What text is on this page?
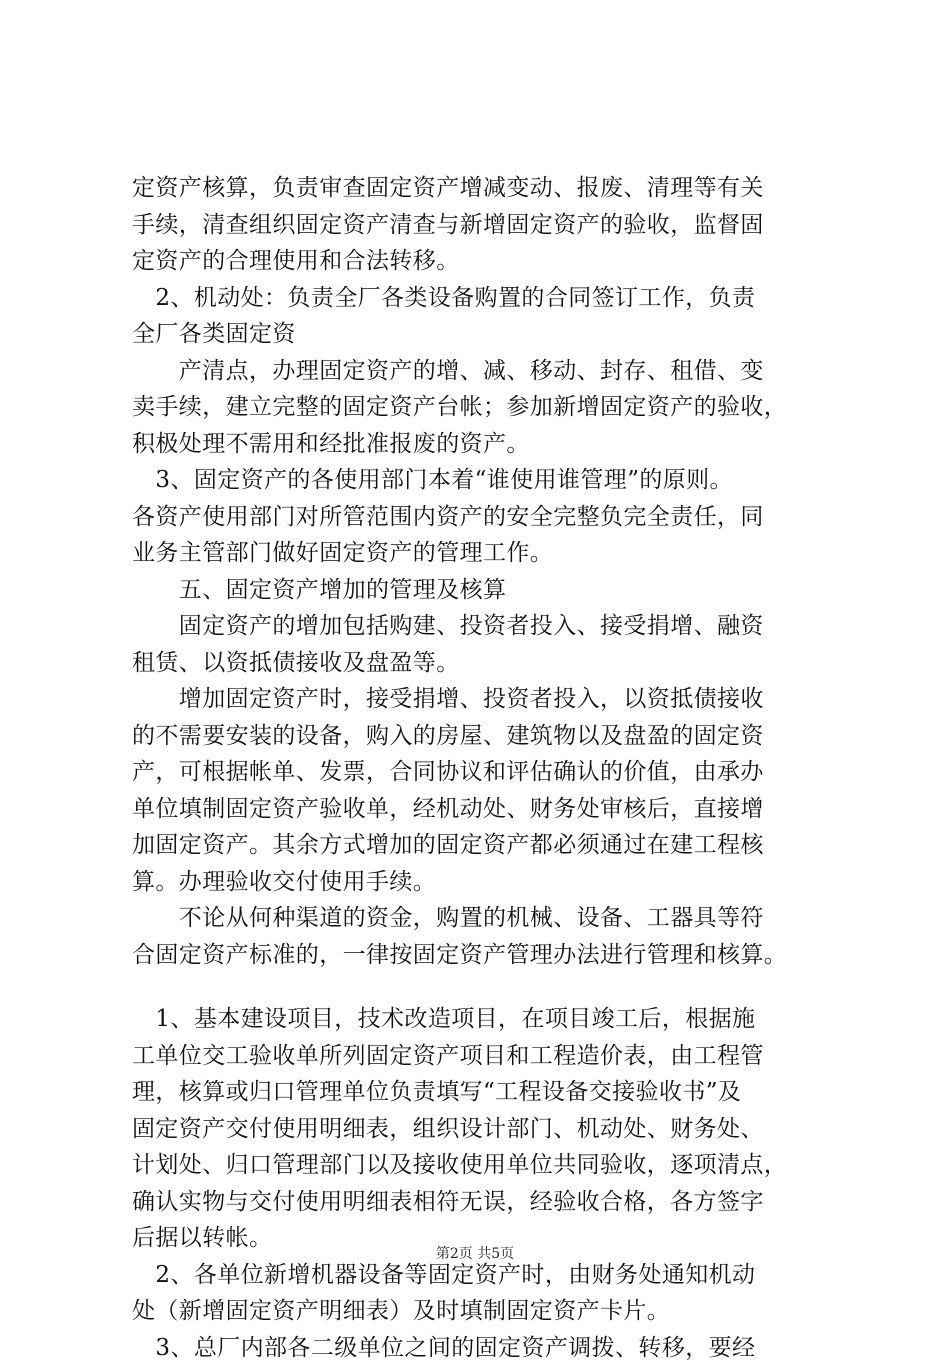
定资产核算，负责审查固定资产增减变动、报废、清理等有关
手续，清查组织固定资产清查与新增固定资产的验收，监督固
定资产的合理使用和合法转移。
　2、机动处：负责全厂各类设备购置的合同签订工作，负责
全厂各类固定资
　　产清点，办理固定资产的增、减、移动、封存、租借、变
卖手续，建立完整的固定资产台帐；参加新增固定资产的验收，
积极处理不需用和经批准报废的资产。
　3、固定资产的各使用部门本着“谁使用谁管理”的原则。
各资产使用部门对所管范围内资产的安全完整负完全责任，同
业务主管部门做好固定资产的管理工作。
　　五、固定资产增加的管理及核算
　　固定资产的增加包括购建、投资者投入、接受捐增、融资
租赁、以资抵债接收及盘盈等。
　　增加固定资产时，接受捐增、投资者投入，以资抵债接收
的不需要安装的设备，购入的房屋、建筑物以及盘盈的固定资
产，可根据帐单、发票，合同协议和评估确认的价值，由承办
单位填制固定资产验收单，经机动处、财务处审核后，直接增
加固定资产。其余方式增加的固定资产都必须通过在建工程核
算。办理验收交付使用手续。
　　不论从何种渠道的资金，购置的机械、设备、工器具等符
合固定资产标准的，一律按固定资产管理办法进行管理和核算。
　1、基本建设项目，技术改造项目，在项目竣工后，根据施
工单位交工验收单所列固定资产项目和工程造价表，由工程管
理，核算或归口管理单位负责填写“工程设备交接验收书”及
固定资产交付使用明细表，组织设计部门、机动处、财务处、
计划处、归口管理部门以及接收使用单位共同验收，逐项清点，
确认实物与交付使用明细表相符无误，经验收合格，各方签字
后据以转帐。
　2、各单位新增机器设备等固定资产时，由财务处通知机动
处（新增固定资产明细表）及时填制固定资产卡片。
　3、总厂内部各二级单位之间的固定资产调拨、转移，要经
第2页 共5页
